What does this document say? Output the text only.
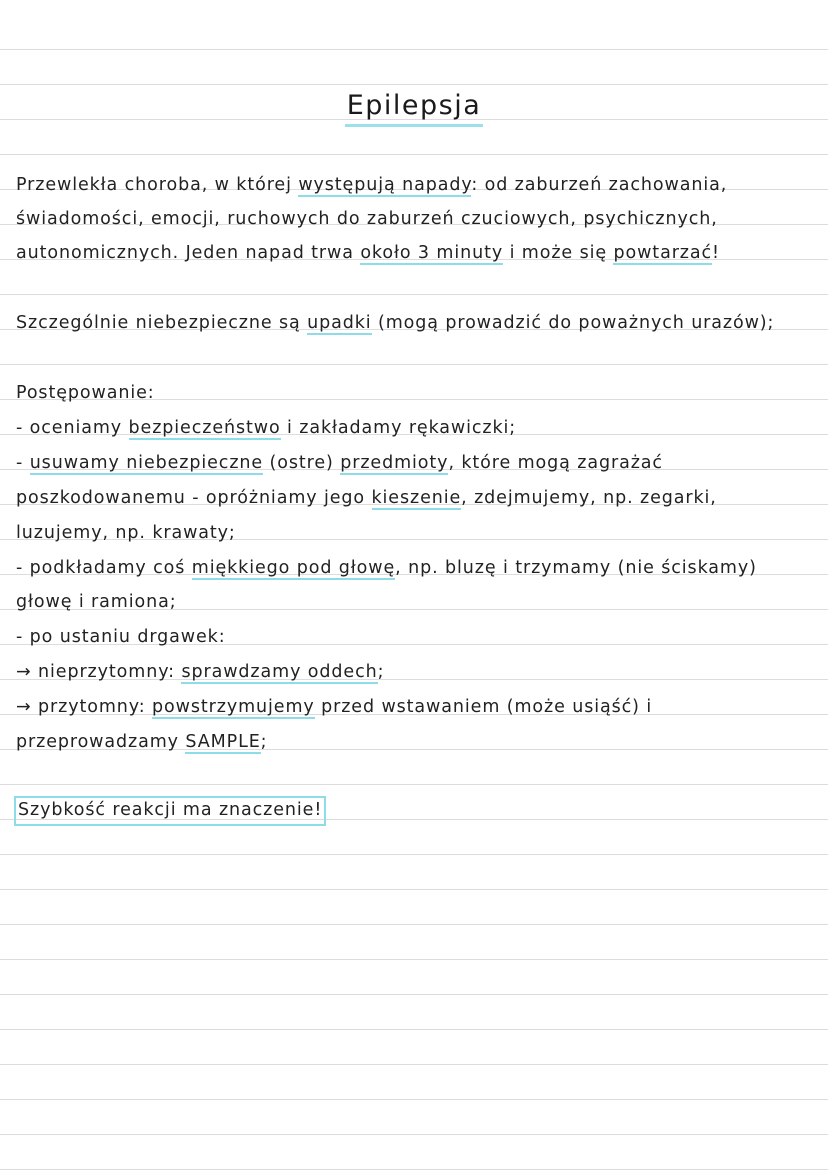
Epilepsja
Przewlekła choroba, w której występują napady: od zaburzeń zachowania,
świadomości, emocji, ruchowych do zaburzeń czuciowych, psychicznych,
autonomicznych. Jeden napad trwa około 3 minuty i może się powtarzać!
Szczególnie niebezpieczne są upadki (mogą prowadzić do poważnych urazów);
Postępowanie:
- oceniamy bezpieczeństwo i zakładamy rękawiczki;
- usuwamy niebezpieczne (ostre) przedmioty, które mogą zagrażać
poszkodowanemu - opróżniamy jego kieszenie, zdejmujemy, np. zegarki,
luzujemy, np. krawaty;
- podkładamy coś miękkiego pod głowę, np. bluzę i trzymamy (nie ściskamy)
głowę i ramiona;
- po ustaniu drgawek:
→ nieprzytomny: sprawdzamy oddech;
→ przytomny: powstrzymujemy przed wstawaniem (może usiąść) i
przeprowadzamy SAMPLE;
Szybkość reakcji ma znaczenie!
